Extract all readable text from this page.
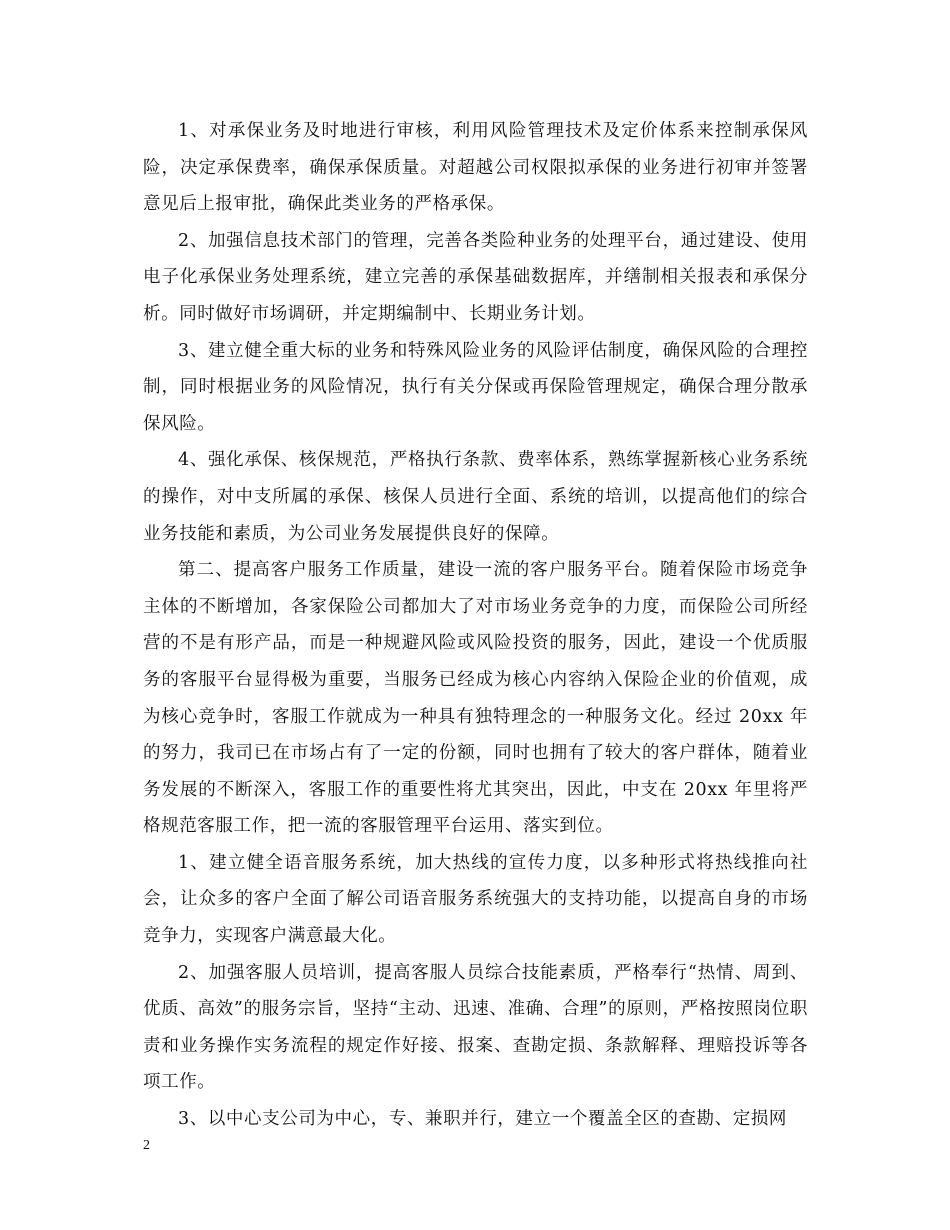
1、对承保业务及时地进行审核，利用风险管理技术及定价体系来控制承保风险，决定承保费率，确保承保质量。对超越公司权限拟承保的业务进行初审并签署意见后上报审批，确保此类业务的严格承保。

2、加强信息技术部门的管理，完善各类险种业务的处理平台，通过建设、使用电子化承保业务处理系统，建立完善的承保基础数据库，并缮制相关报表和承保分析。同时做好市场调研，并定期编制中、长期业务计划。

3、建立健全重大标的业务和特殊风险业务的风险评估制度，确保风险的合理控制，同时根据业务的风险情况，执行有关分保或再保险管理规定，确保合理分散承保风险。

4、强化承保、核保规范，严格执行条款、费率体系，熟练掌握新核心业务系统的操作，对中支所属的承保、核保人员进行全面、系统的培训，以提高他们的综合业务技能和素质，为公司业务发展提供良好的保障。

第二、提高客户服务工作质量，建设一流的客户服务平台。随着保险市场竞争主体的不断增加，各家保险公司都加大了对市场业务竞争的力度，而保险公司所经营的不是有形产品，而是一种规避风险或风险投资的服务，因此，建设一个优质服务的客服平台显得极为重要，当服务已经成为核心内容纳入保险企业的价值观，成为核心竞争时，客服工作就成为一种具有独特理念的一种服务文化。经过 20xx 年的努力，我司已在市场占有了一定的份额，同时也拥有了较大的客户群体，随着业务发展的不断深入，客服工作的重要性将尤其突出，因此，中支在 20xx 年里将严格规范客服工作，把一流的客服管理平台运用、落实到位。

1、建立健全语音服务系统，加大热线的宣传力度，以多种形式将热线推向社会，让众多的客户全面了解公司语音服务系统强大的支持功能，以提高自身的市场竞争力，实现客户满意最大化。

2、加强客服人员培训，提高客服人员综合技能素质，严格奉行“热情、周到、优质、高效”的服务宗旨，坚持“主动、迅速、准确、合理”的原则，严格按照岗位职责和业务操作实务流程的规定作好接、报案、查勘定损、条款解释、理赔投诉等各项工作。

3、以中心支公司为中心，专、兼职并行，建立一个覆盖全区的查勘、定损网

2
